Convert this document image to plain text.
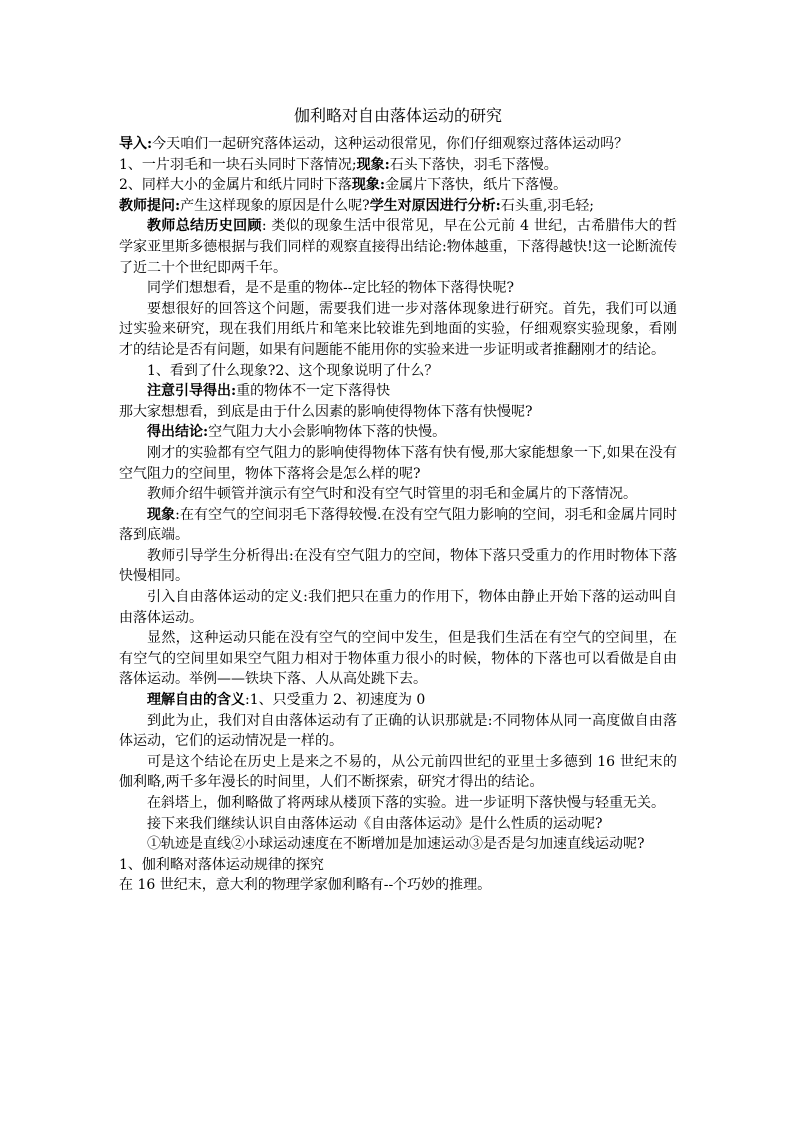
伽利略对自由落体运动的研究

导入:今天咱们一起研究落体运动，这种运动很常见，你们仔细观察过落体运动吗？

1、一片羽毛和一块石头同时下落情况;现象:石头下落快，羽毛下落慢。

2、同样大小的金属片和纸片同时下落现象:金属片下落快，纸片下落慢。

教师提问:产生这样现象的原因是什么呢?学生对原因进行分析:石头重,羽毛轻;

教师总结历史回顾: 类似的现象生活中很常见，早在公元前 4 世纪，古希腊伟大的哲学家亚里斯多德根据与我们同样的观察直接得出结论:物体越重，下落得越快!这一论断流传了近二十个世纪即两千年。

同学们想想看，是不是重的物体--定比轻的物体下落得快呢?

要想很好的回答这个问题，需要我们进一步对落体现象进行研究。首先，我们可以通过实验来研究，现在我们用纸片和笔来比较谁先到地面的实验，仔细观察实验现象，看刚才的结论是否有问题，如果有问题能不能用你的实验来进一步证明或者推翻刚才的结论。

1、看到了什么现象?2、这个现象说明了什么？

注意引导得出:重的物体不一定下落得快

那大家想想看，到底是由于什么因素的影响使得物体下落有快慢呢?

得出结论:空气阻力大小会影响物体下落的快慢。

刚才的实验都有空气阻力的影响使得物体下落有快有慢,那大家能想象一下,如果在没有空气阻力的空间里，物体下落将会是怎么样的呢?

教师介绍牛顿管并演示有空气时和没有空气时管里的羽毛和金属片的下落情况。

现象:在有空气的空间羽毛下落得较慢.在没有空气阻力影响的空间，羽毛和金属片同时落到底端。

教师引导学生分析得出:在没有空气阻力的空间，物体下落只受重力的作用时物体下落快慢相同。

引入自由落体运动的定义:我们把只在重力的作用下，物体由静止开始下落的运动叫自由落体运动。

显然，这种运动只能在没有空气的空间中发生，但是我们生活在有空气的空间里，在有空气的空间里如果空气阻力相对于物体重力很小的时候，物体的下落也可以看做是自由落体运动。举例——铁块下落、人从高处跳下去。

理解自由的含义:1、只受重力 2、初速度为 0

到此为止，我们对自由落体运动有了正确的认识那就是:不同物体从同一高度做自由落体运动，它们的运动情况是一样的。

可是这个结论在历史上是来之不易的，从公元前四世纪的亚里士多德到 16 世纪末的伽利略,两千多年漫长的时间里，人们不断探索，研究才得出的结论。

在斜塔上，伽利略做了将两球从楼顶下落的实验。进一步证明下落快慢与轻重无关。

接下来我们继续认识自由落体运动《自由落体运动》是什么性质的运动呢?

①轨迹是直线②小球运动速度在不断增加是加速运动③是否是匀加速直线运动呢?

1、伽利略对落体运动规律的探究

在 16 世纪末，意大利的物理学家伽利略有--个巧妙的推理。
